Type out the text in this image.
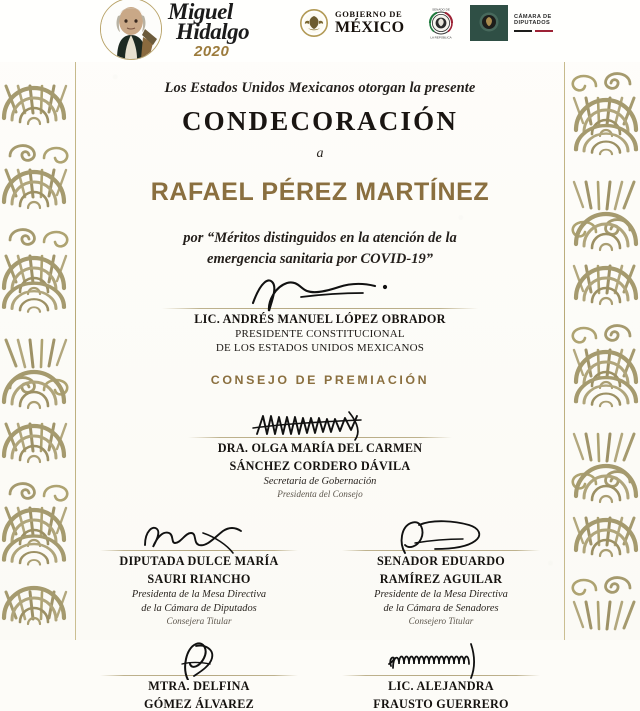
Miguel
Hidalgo
2020
GOBIERNO DE
MÉXICO
SENADO DE
LA REPÚBLICA
CÁMARA DE
DIPUTADOS
Los Estados Unidos Mexicanos otorgan la presente
CONDECORACIÓN
a
RAFAEL PÉREZ MARTÍNEZ
por “Méritos distinguidos en la atención de la
emergencia sanitaria por COVID-19”
LIC. ANDRÉS MANUEL LÓPEZ OBRADOR
PRESIDENTE CONSTITUCIONAL
DE LOS ESTADOS UNIDOS MEXICANOS
CONSEJO DE PREMIACIÓN
DRA. OLGA MARÍA DEL CARMEN
SÁNCHEZ CORDERO DÁVILA
Secretaria de Gobernación
Presidenta del Consejo
DIPUTADA DULCE MARÍA
SAURI RIANCHO
Presidenta de la Mesa Directiva
de la Cámara de Diputados
Consejera Titular
SENADOR EDUARDO
RAMÍREZ AGUILAR
Presidente de la Mesa Directiva
de la Cámara de Senadores
Consejero Titular
MTRA. DELFINA
GÓMEZ ÁLVAREZ
LIC. ALEJANDRA
FRAUSTO GUERRERO
